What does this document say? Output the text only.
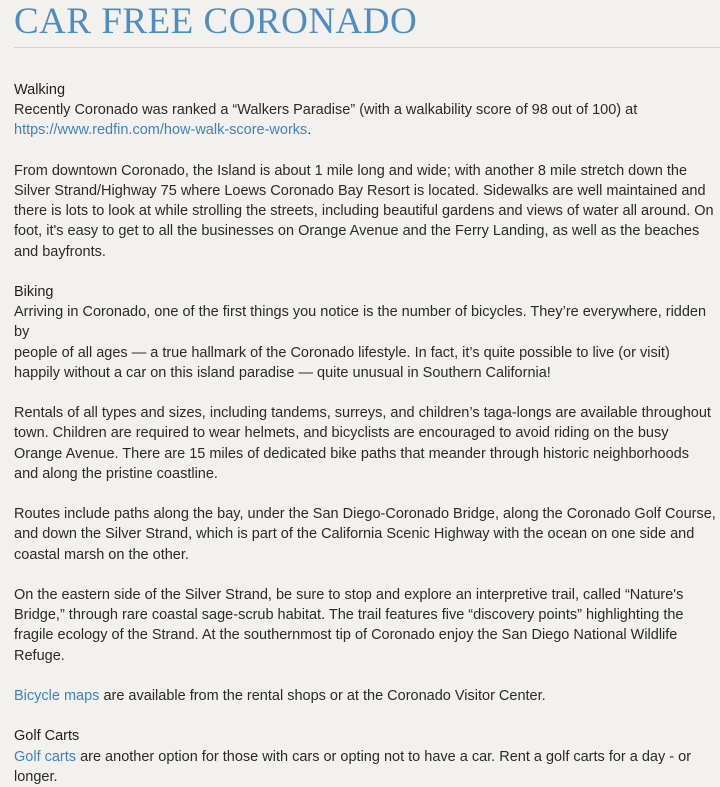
CAR FREE CORONADO

Walking
Recently Coronado was ranked a “Walkers Paradise” (with a walkability score of 98 out of 100) at https://www.redfin.com/how-walk-score-works.

From downtown Coronado, the Island is about 1 mile long and wide; with another 8 mile stretch down the Silver Strand/Highway 75 where Loews Coronado Bay Resort is located. Sidewalks are well maintained and there is lots to look at while strolling the streets, including beautiful gardens and views of water all around. On foot, it's easy to get to all the businesses on Orange Avenue and the Ferry Landing, as well as the beaches and bayfronts.

Biking
Arriving in Coronado, one of the first things you notice is the number of bicycles. They’re everywhere, ridden by
people of all ages — a true hallmark of the Coronado lifestyle. In fact, it’s quite possible to live (or visit)
happily without a car on this island paradise — quite unusual in Southern California!

Rentals of all types and sizes, including tandems, surreys, and children’s taga-longs are available throughout town. Children are required to wear helmets, and bicyclists are encouraged to avoid riding on the busy Orange Avenue. There are 15 miles of dedicated bike paths that meander through historic neighborhoods and along the pristine coastline.

Routes include paths along the bay, under the San Diego-Coronado Bridge, along the Coronado Golf Course, and down the Silver Strand, which is part of the California Scenic Highway with the ocean on one side and coastal marsh on the other.

On the eastern side of the Silver Strand, be sure to stop and explore an interpretive trail, called “Nature's Bridge,” through rare coastal sage-scrub habitat. The trail features five “discovery points” highlighting the fragile ecology of the Strand. At the southernmost tip of Coronado enjoy the San Diego National Wildlife Refuge.

Bicycle maps are available from the rental shops or at the Coronado Visitor Center.

Golf Carts
Golf carts are another option for those with cars or opting not to have a car. Rent a golf carts for a day - or longer.
